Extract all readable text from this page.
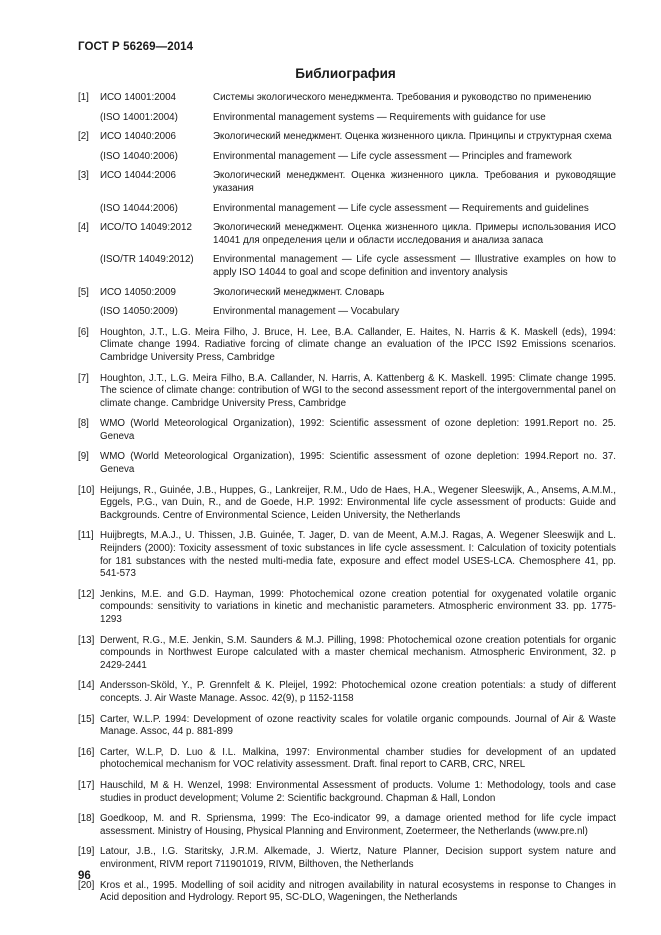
ГОСТ Р 56269—2014
Библиография
[1]	ИСО 14001:2004	Системы экологического менеджмента. Требования и руководство по применению
(ISO 14001:2004)	Environmental management systems — Requirements with guidance for use
[2]	ИСО 14040:2006	Экологический менеджмент. Оценка жизненного цикла. Принципы и структурная схема
(ISO 14040:2006)	Environmental management — Life cycle assessment — Principles and framework
[3]	ИСО 14044:2006	Экологический менеджмент. Оценка жизненного цикла. Требования и руководящие указания
(ISO 14044:2006)	Environmental management — Life cycle assessment — Requirements and guidelines
[4]	ИСО/ТО 14049:2012	Экологический менеджмент. Оценка жизненного цикла. Примеры использования ИСО 14041 для определения цели и области исследования и анализа запаса
(ISO/TR 14049:2012)	Environmental management — Life cycle assessment — Illustrative examples on how to apply ISO 14044 to goal and scope definition and inventory analysis
[5]	ИСО 14050:2009	Экологический менеджмент. Словарь
(ISO 14050:2009)	Environmental management — Vocabulary
[6]	Houghton, J.T., L.G. Meira Filho, J. Bruce, H. Lee, B.A. Callander, E. Haites, N. Harris & K. Maskell (eds), 1994: Climate change 1994. Radiative forcing of climate change an evaluation of the IPCC IS92 Emissions scenarios. Cambridge University Press, Cambridge
[7]	Houghton, J.T., L.G. Meira Filho, B.A. Callander, N. Harris, A. Kattenberg & K. Maskell. 1995: Climate change 1995. The science of climate change: contribution of WGI to the second assessment report of the intergovernmental panel on climate change. Cambridge University Press, Cambridge
[8]	WMO (World Meteorological Organization), 1992: Scientific assessment of ozone depletion: 1991.Report no. 25. Geneva
[9]	WMO (World Meteorological Organization), 1995: Scientific assessment of ozone depletion: 1994.Report no. 37. Geneva
[10] Heijungs, R., Guinée, J.B., Huppes, G., Lankreijer, R.M., Udo de Haes, H.A., Wegener Sleeswijk, A., Ansems, A.M.M., Eggels, P.G., van Duin, R., and de Goede, H.P. 1992: Environmental life cycle assessment of products: Guide and Backgrounds. Centre of Environmental Science, Leiden University, the Netherlands
[11] Huijbregts, M.A.J., U. Thissen, J.B. Guinée, T. Jager, D. van de Meent, A.M.J. Ragas, A. Wegener Sleeswijk and L. Reijnders (2000): Toxicity assessment of toxic substances in life cycle assessment. I: Calculation of toxicity potentials for 181 substances with the nested multi-media fate, exposure and effect model USES-LCA. Chemosphere 41, pp. 541-573
[12] Jenkins, M.E. and G.D. Hayman, 1999: Photochemical ozone creation potential for oxygenated volatile organic compounds: sensitivity to variations in kinetic and mechanistic parameters. Atmospheric environment 33. pp. 1775-1293
[13] Derwent, R.G., M.E. Jenkin, S.M. Saunders & M.J. Pilling, 1998: Photochemical ozone creation potentials for organic compounds in Northwest Europe calculated with a master chemical mechanism. Atmospheric Environment, 32. p 2429-2441
[14] Andersson-Sköld, Y., P. Grennfelt & K. Pleijel, 1992: Photochemical ozone creation potentials: a study of different concepts. J. Air Waste Manage. Assoc. 42(9), p 1152-1158
[15] Carter, W.L.P. 1994: Development of ozone reactivity scales for volatile organic compounds. Journal of Air & Waste Manage. Assoc, 44 p. 881-899
[16] Carter, W.L.P, D. Luo & I.L. Malkina, 1997: Environmental chamber studies for development of an updated photochemical mechanism for VOC relativity assessment. Draft. final report to CARB, CRC, NREL
[17] Hauschild, M & H. Wenzel, 1998: Environmental Assessment of products. Volume 1: Methodology, tools and case studies in product development; Volume 2: Scientific background. Chapman & Hall, London
[18] Goedkoop, M. and R. Spriensma, 1999: The Eco-indicator 99, a damage oriented method for life cycle impact assessment. Ministry of Housing, Physical Planning and Environment, Zoetermeer, the Netherlands (www.pre.nl)
[19] Latour, J.B., I.G. Staritsky, J.R.M. Alkemade, J. Wiertz, Nature Planner, Decision support system nature and environment, RIVM report 711901019, RIVM, Bilthoven, the Netherlands
[20] Kros et al., 1995. Modelling of soil acidity and nitrogen availability in natural ecosystems in response to Changes in Acid deposition and Hydrology. Report 95, SC-DLO, Wageningen, the Netherlands
96
